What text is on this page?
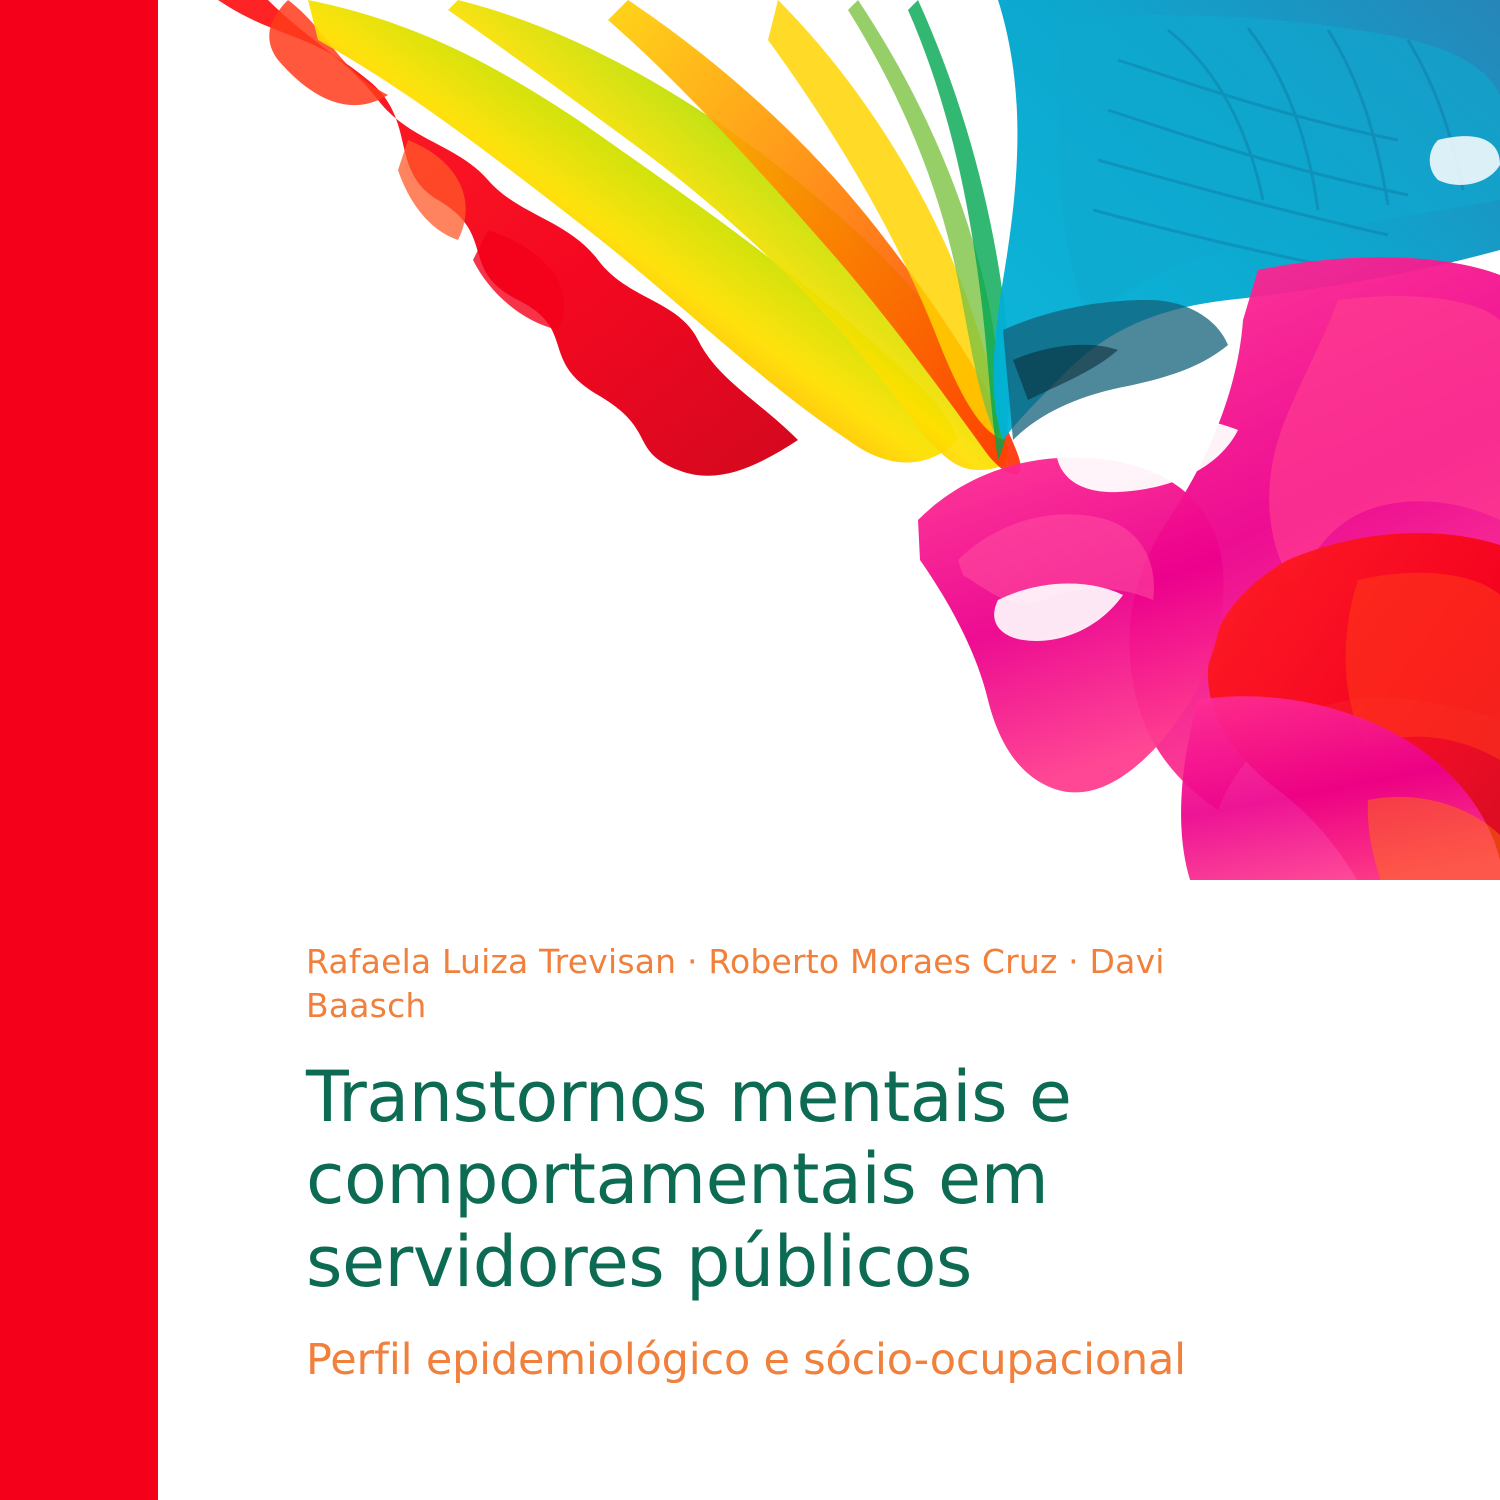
Rafaela Luiza Trevisan · Roberto Moraes Cruz · Davi Baasch

Transtornos mentais e comportamentais em servidores públicos

Perfil epidemiológico e sócio-ocupacional
